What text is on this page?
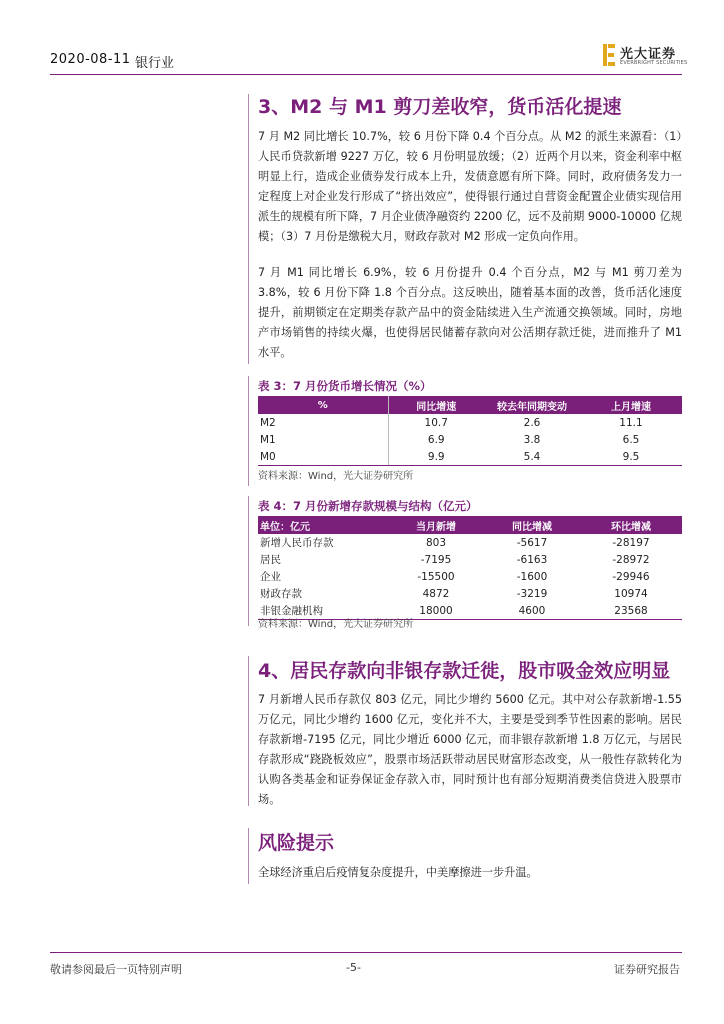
2020-08-11 银行业
光大证券
EVERBRIGHT SECURITIES
3、M2 与 M1 剪刀差收窄，货币活化提速
7 月 M2 同比增长 10.7%，较 6 月份下降 0.4 个百分点。从 M2 的派生来源看：（1）人民币贷款新增 9227 万亿，较 6 月份明显放缓；（2）近两个月以来，资金利率中枢明显上行，造成企业债券发行成本上升，发债意愿有所下降。同时，政府债务发力一定程度上对企业发行形成了“挤出效应”，使得银行通过自营资金配置企业债实现信用派生的规模有所下降，7 月企业债净融资约 2200 亿，远不及前期 9000-10000 亿规模；（3）7 月份是缴税大月，财政存款对 M2 形成一定负向作用。
7 月 M1 同比增长 6.9%，较 6 月份提升 0.4 个百分点，M2 与 M1 剪刀差为 3.8%，较 6 月份下降 1.8 个百分点。这反映出，随着基本面的改善，货币活化速度提升，前期锁定在定期类存款产品中的资金陆续进入生产流通交换领域。同时，房地产市场销售的持续火爆，也使得居民储蓄存款向对公活期存款迁徙，进而推升了 M1 水平。
表 3：7 月份货币增长情况（%）
%	同比增速	较去年同期变动	上月增速
M2	10.7	2.6	11.1
M1	6.9	3.8	6.5
M0	9.9	5.4	9.5
资料来源：Wind，光大证券研究所
表 4：7 月份新增存款规模与结构（亿元）
单位：亿元	当月新增	同比增减	环比增减
新增人民币存款	803	-5617	-28197
居民	-7195	-6163	-28972
企业	-15500	-1600	-29946
财政存款	4872	-3219	10974
非银金融机构	18000	4600	23568
资料来源：Wind，光大证券研究所
4、居民存款向非银存款迁徙，股市吸金效应明显
7 月新增人民币存款仅 803 亿元，同比少增约 5600 亿元。其中对公存款新增-1.55 万亿元，同比少增约 1600 亿元，变化并不大，主要是受到季节性因素的影响。居民存款新增-7195 亿元，同比少增近 6000 亿元，而非银存款新增 1.8 万亿元，与居民存款形成“跷跷板效应”，股票市场活跃带动居民财富形态改变，从一般性存款转化为认购各类基金和证券保证金存款入市，同时预计也有部分短期消费类信贷进入股票市场。
风险提示
全球经济重启后疫情复杂度提升，中美摩擦进一步升温。
敬请参阅最后一页特别声明	-5-	证券研究报告
